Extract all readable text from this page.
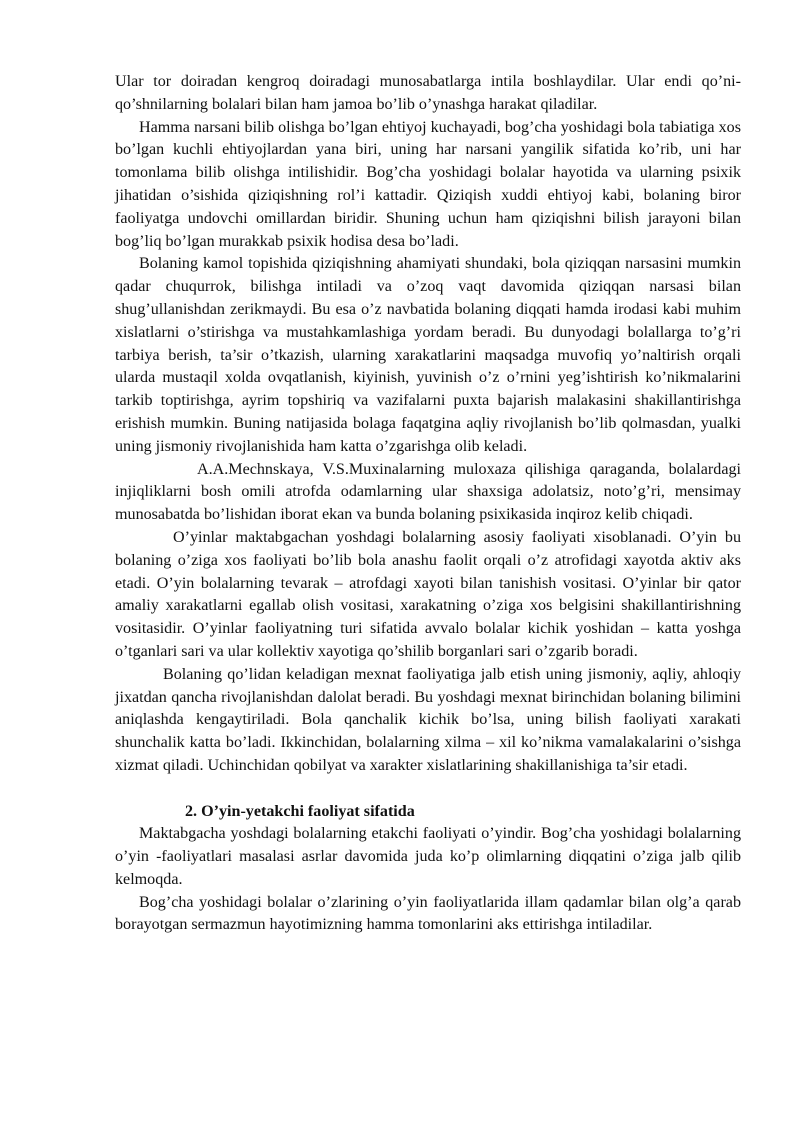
Ular tor doiradan kengroq doiradagi munosabatlarga intila boshlaydilar. Ular endi qo’ni-qo’shnilarning bolalari bilan ham jamoa bo’lib o’ynashga harakat qiladilar.

Hamma narsani bilib olishga bo’lgan ehtiyoj kuchayadi, bog’cha yoshidagi bola tabiatiga xos bo’lgan kuchli ehtiyojlardan yana biri, uning har narsani yangilik sifatida ko’rib, uni har tomonlama bilib olishga intilishidir. Bog’cha yoshidagi bolalar hayotida va ularning psixik jihatidan o’sishida qiziqishning rol’i kattadir. Qiziqish xuddi ehtiyoj kabi, bolaning biror faoliyatga undovchi omillardan biridir. Shuning uchun ham qiziqishni bilish jarayoni bilan bog’liq bo’lgan murakkab psixik hodisa desa bo’ladi.

Bolaning kamol topishida qiziqishning ahamiyati shundaki, bola qiziqqan narsasini mumkin qadar chuqurrok, bilishga intiladi va o’zoq vaqt davomida qiziqqan narsasi bilan shug’ullanishdan zerikmaydi. Bu esa o’z navbatida bolaning diqqati hamda irodasi kabi muhim xislatlarni o’stirishga va mustahkamlashiga yordam beradi. Bu dunyodagi bolallarga to’g’ri tarbiya berish, ta’sir o’tkazish, ularning xarakatlarini maqsadga muvofiq yo’naltirish orqali ularda mustaqil xolda ovqatlanish, kiyinish, yuvinish o’z o’rnini yeg’ishtirish ko’nikmalarini tarkib toptirishga, ayrim topshiriq va vazifalarni puxta bajarish malakasini shakillantirishga erishish mumkin. Buning natijasida bolaga faqatgina aqliy rivojlanish bo’lib qolmasdan, yualki uning jismoniy rivojlanishida ham katta o’zgarishga olib keladi.

A.A.Mechnskaya, V.S.Muxinalarning muloxaza qilishiga qaraganda, bolalardagi injiqliklarni bosh omili atrofda odamlarning ular shaxsiga adolatsiz, noto’g’ri, mensimay munosabatda bo’lishidan iborat ekan va bunda bolaning psixikasida inqiroz kelib chiqadi.

O’yinlar maktabgachan yoshdagi bolalarning asosiy faoliyati xisoblanadi. O’yin bu bolaning o’ziga xos faoliyati bo’lib bola anashu faolit orqali o’z atrofidagi xayotda aktiv aks etadi. O’yin bolalarning tevarak – atrofdagi xayoti bilan tanishish vositasi. O’yinlar bir qator amaliy xarakatlarni egallab olish vositasi, xarakatning o’ziga xos belgisini shakillantirishning vositasidir. O’yinlar faoliyatning turi sifatida avvalo bolalar kichik yoshidan – katta yoshga o’tganlari sari va ular kollektiv xayotiga qo’shilib borganlari sari o’zgarib boradi.

Bolaning qo’lidan keladigan mexnat faoliyatiga jalb etish uning jismoniy, aqliy, ahloqiy jixatdan qancha rivojlanishdan dalolat beradi. Bu yoshdagi mexnat birinchidan bolaning bilimini aniqlashda kengaytiriladi. Bola qanchalik kichik bo’lsa, uning bilish faoliyati xarakati shunchalik katta bo’ladi. Ikkinchidan, bolalarning xilma – xil ko’nikma vamalakalarini o’sishga xizmat qiladi. Uchinchidan qobilyat va xarakter xislatlarining shakillanishiga ta’sir etadi.

2. O’yin-yetakchi faoliyat sifatida

Maktabgacha yoshdagi bolalarning etakchi faoliyati o’yindir. Bog’cha yoshidagi bolalarning o’yin -faoliyatlari masalasi asrlar davomida juda ko’p olimlarning diqqatini o’ziga jalb qilib kelmoqda.

Bog’cha yoshidagi bolalar o’zlarining o’yin faoliyatlarida illam qadamlar bilan olg’a qarab borayotgan sermazmun hayotimizning hamma tomonlarini aks ettirishga intiladilar.
